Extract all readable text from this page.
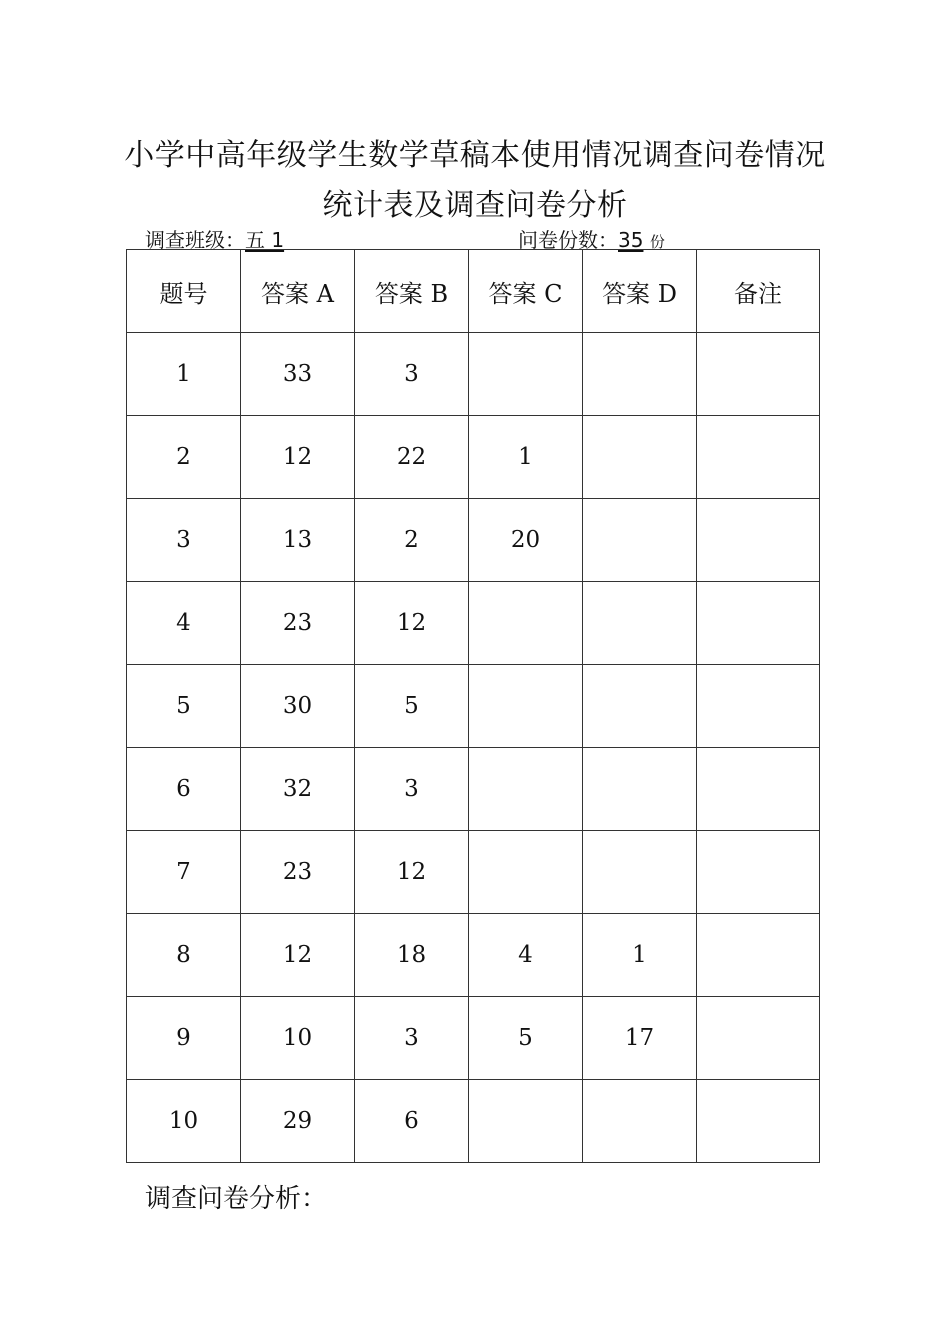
小学中高年级学生数学草稿本使用情况调查问卷情况
统计表及调查问卷分析
调查班级：五 1	问卷份数：35 份
题号	答案 A	答案 B	答案 C	答案 D	备注
1	33	3			
2	12	22	1		
3	13	2	20		
4	23	12			
5	30	5			
6	32	3			
7	23	12			
8	12	18	4	1	
9	10	3	5	17	
10	29	6			
调查问卷分析：
